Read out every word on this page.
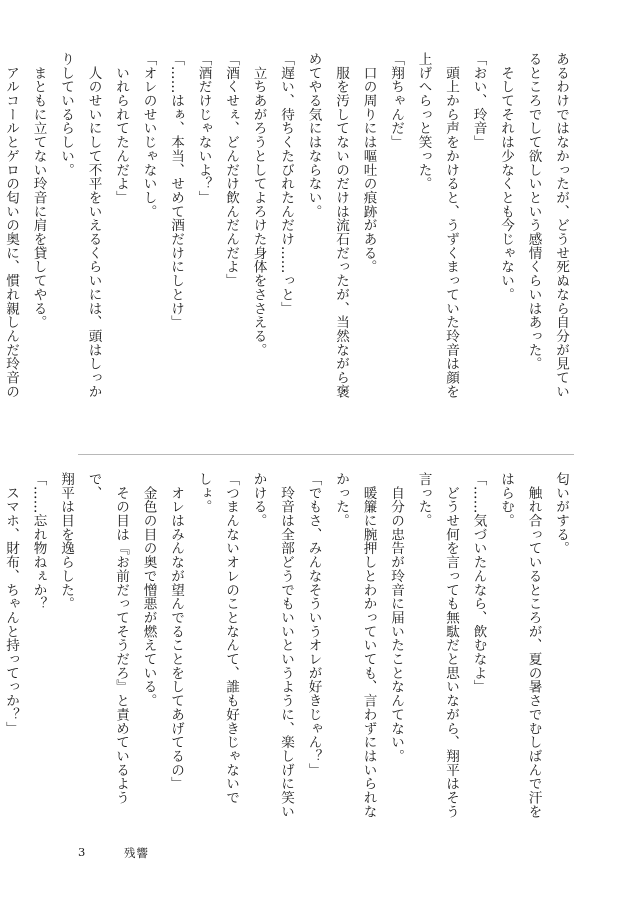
あるわけではなかったが、どうせ死ぬなら自分が見てい

るところでして欲しいという感情くらいはあった。

　そしてそれは少なくとも今じゃない。

「おい、玲音」

　頭上から声をかけると、うずくまっていた玲音は顔を

上げへらっと笑った。

「翔ちゃんだ」

　口の周りには嘔吐の痕跡がある。

　服を汚してないのだけは流石だったが、当然ながら褒

めてやる気にはならない。

「遅い、待ちくたびれたんだけ……っと」

　立ちあがろうとしてよろけた身体をささえる。

「酒くせぇ、どんだけ飲んだんだよ」

「酒だけじゃないよ？」

「……はぁ、本当、せめて酒だけにしとけ」

「オレのせいじゃないし。

　いれられてたんだよ」

　人のせいにして不平をいえるくらいには、頭はしっか

りしているらしい。

　まともに立てない玲音に肩を貸してやる。

　アルコールとゲロの匂いの奥に、慣れ親しんだ玲音の

匂いがする。

　触れ合っているところが、夏の暑さでむしばんで汗を

はらむ。

「……気づいたんなら、飲むなよ」

　どうせ何を言っても無駄だと思いながら、翔平はそう

言った。

　自分の忠告が玲音に届いたことなんてない。

　暖簾に腕押しとわかっていても、言わずにはいられな

かった。

「でもさ、みんなそういうオレが好きじゃん？」

　玲音は全部どうでもいいというように、楽しげに笑い

かける。

「つまんないオレのことなんて、誰も好きじゃないで

しょ。

　オレはみんなが望んでることをしてあげてるの」

　金色の目の奥で憎悪が燃えている。

　その目は『お前だってそうだろ』と責めているようで、

翔平は目を逸らした。

「……忘れ物ねぇか？

　スマホ、財布、ちゃんと持ってっか？」

3	残響
